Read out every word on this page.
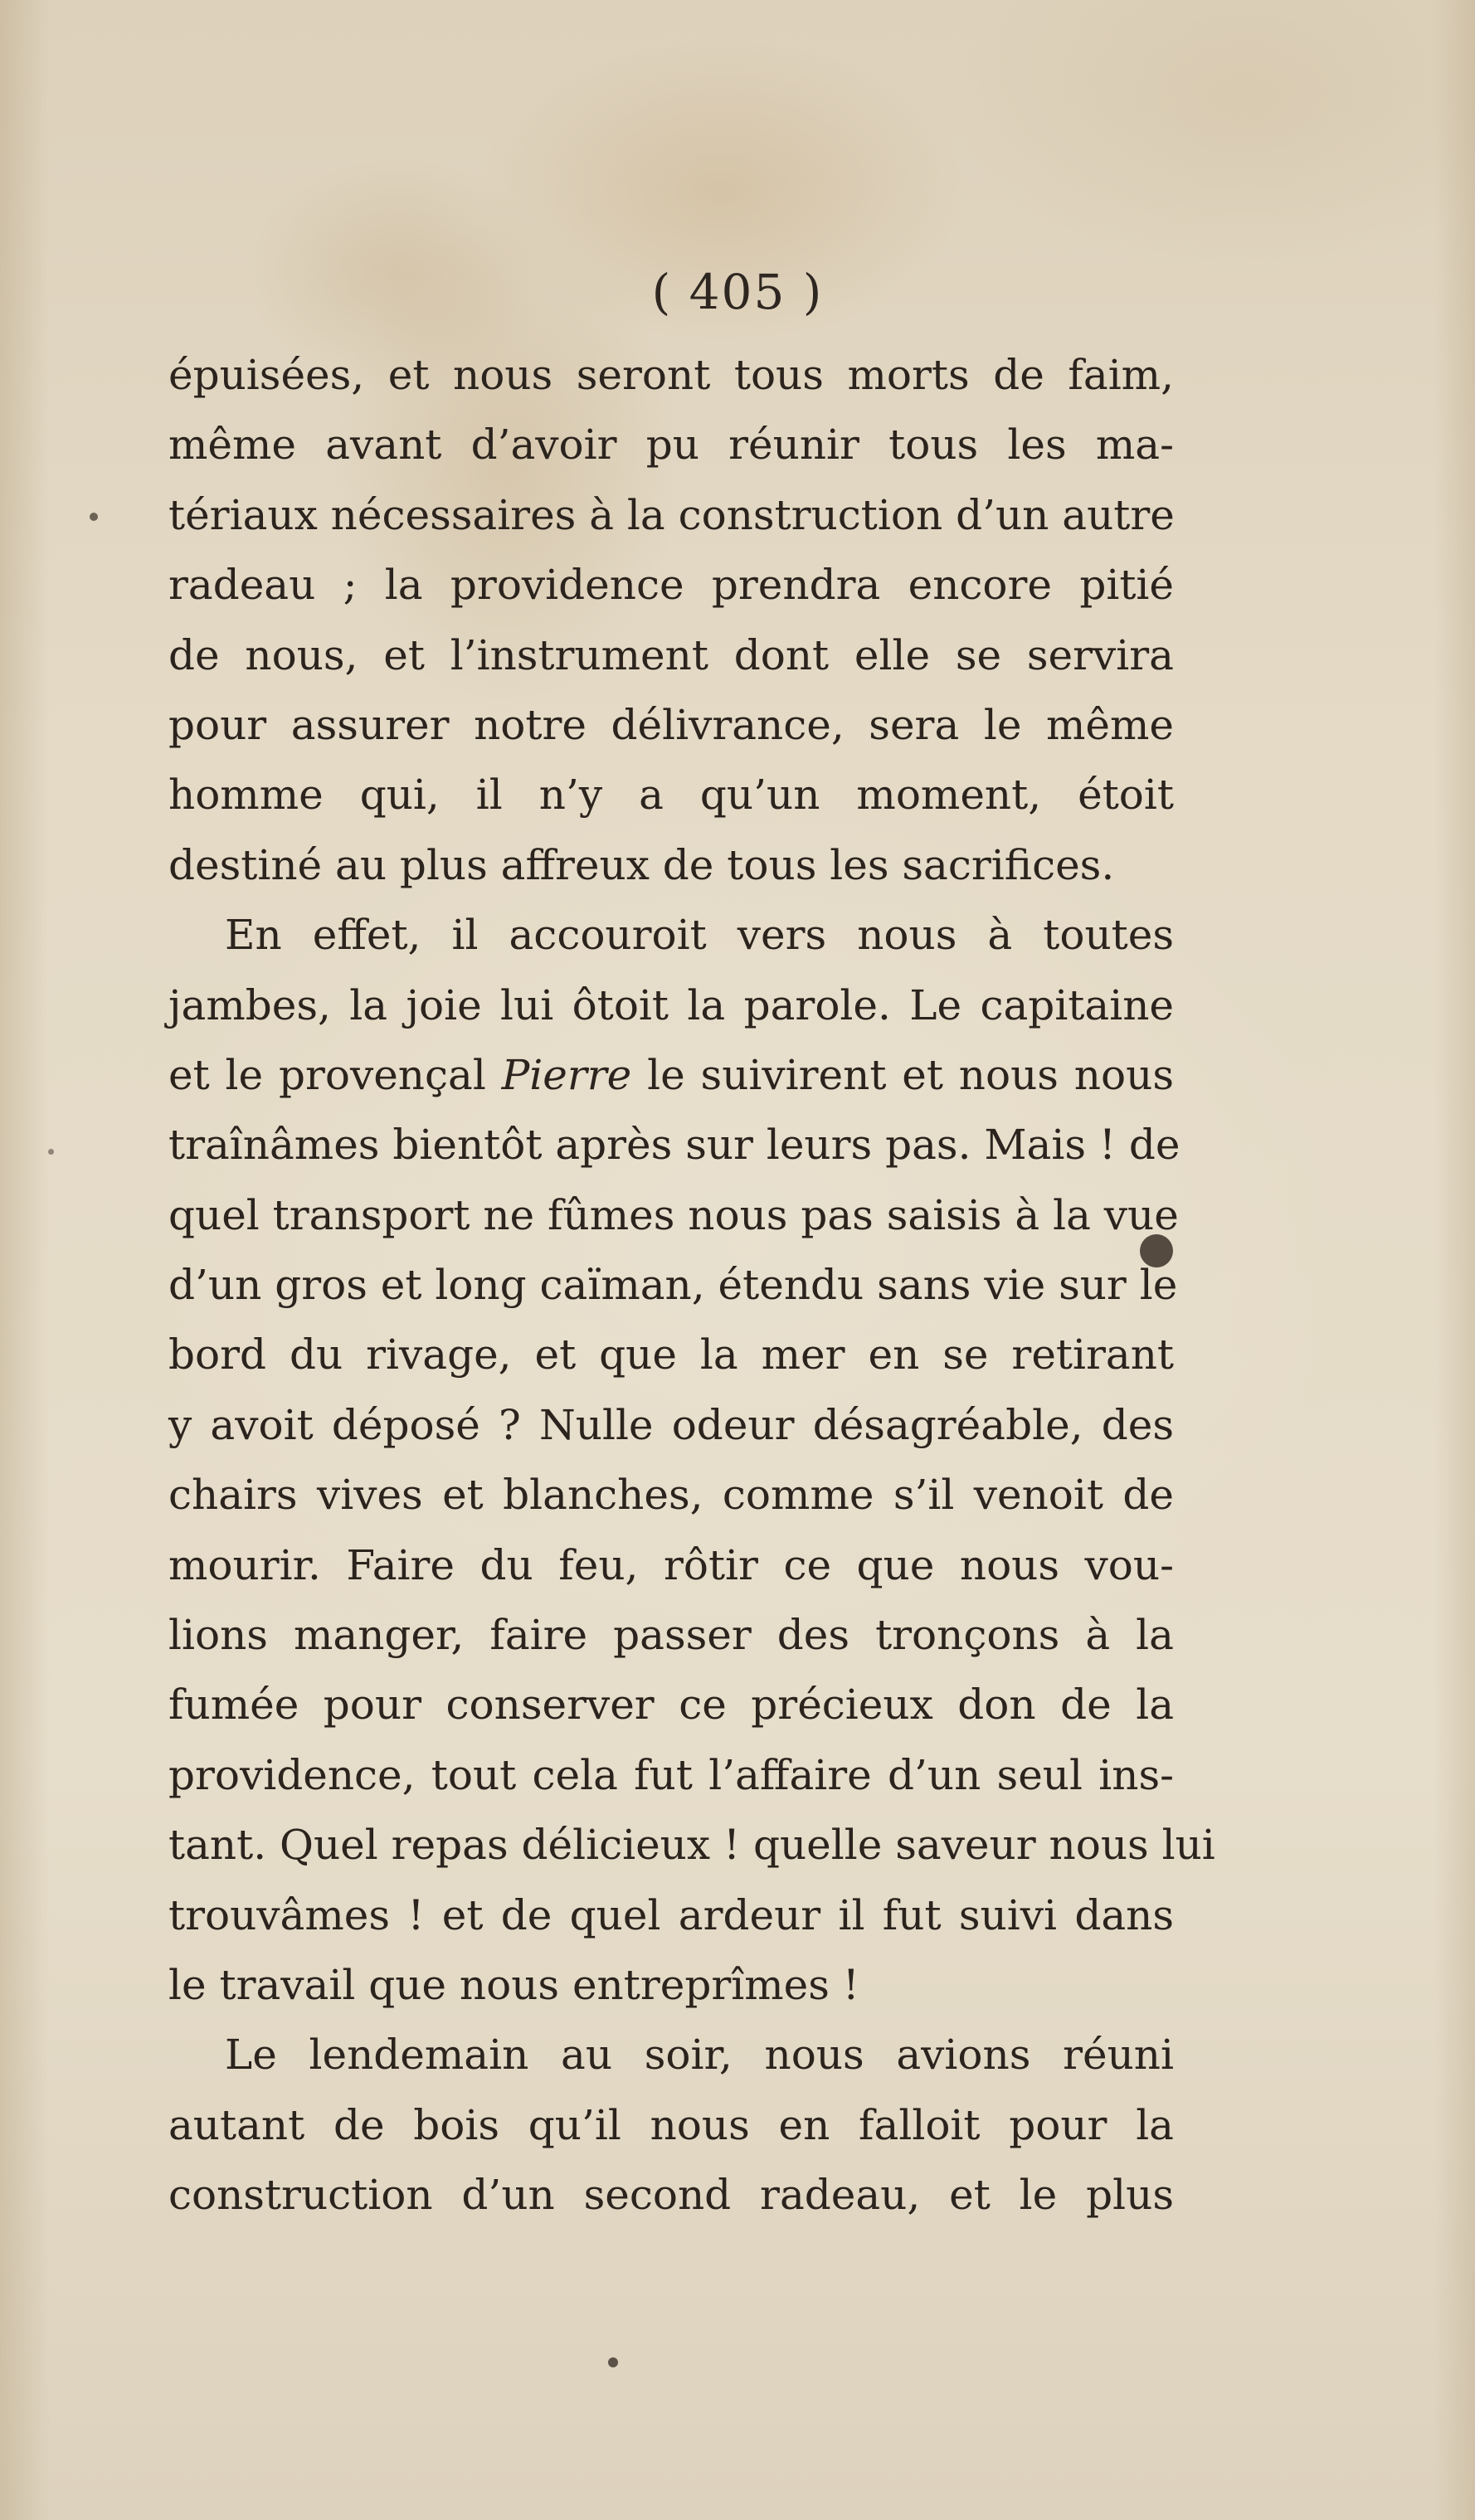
( 405 )
épuisées, et nous seront tous morts de faim,
même avant d’avoir pu réunir tous les ma-
tériaux nécessaires à la construction d’un autre
radeau ; la providence prendra encore pitié
de nous, et l’instrument dont elle se servira
pour assurer notre délivrance, sera le même
homme qui, il n’y a qu’un moment, étoit
destiné au plus affreux de tous les sacrifices.
En effet, il accouroit vers nous à toutes
jambes, la joie lui ôtoit la parole. Le capitaine
et le provençal Pierre le suivirent et nous nous
traînâmes bientôt après sur leurs pas. Mais ! de
quel transport ne fûmes nous pas saisis à la vue
d’un gros et long caïman, étendu sans vie sur le
bord du rivage, et que la mer en se retirant
y avoit déposé ? Nulle odeur désagréable, des
chairs vives et blanches, comme s’il venoit de
mourir. Faire du feu, rôtir ce que nous vou-
lions manger, faire passer des tronçons à la
fumée pour conserver ce précieux don de la
providence, tout cela fut l’affaire d’un seul ins-
tant. Quel repas délicieux ! quelle saveur nous lui
trouvâmes ! et de quel ardeur il fut suivi dans
le travail que nous entreprîmes !
Le lendemain au soir, nous avions réuni
autant de bois qu’il nous en falloit pour la
construction d’un second radeau, et le plus
